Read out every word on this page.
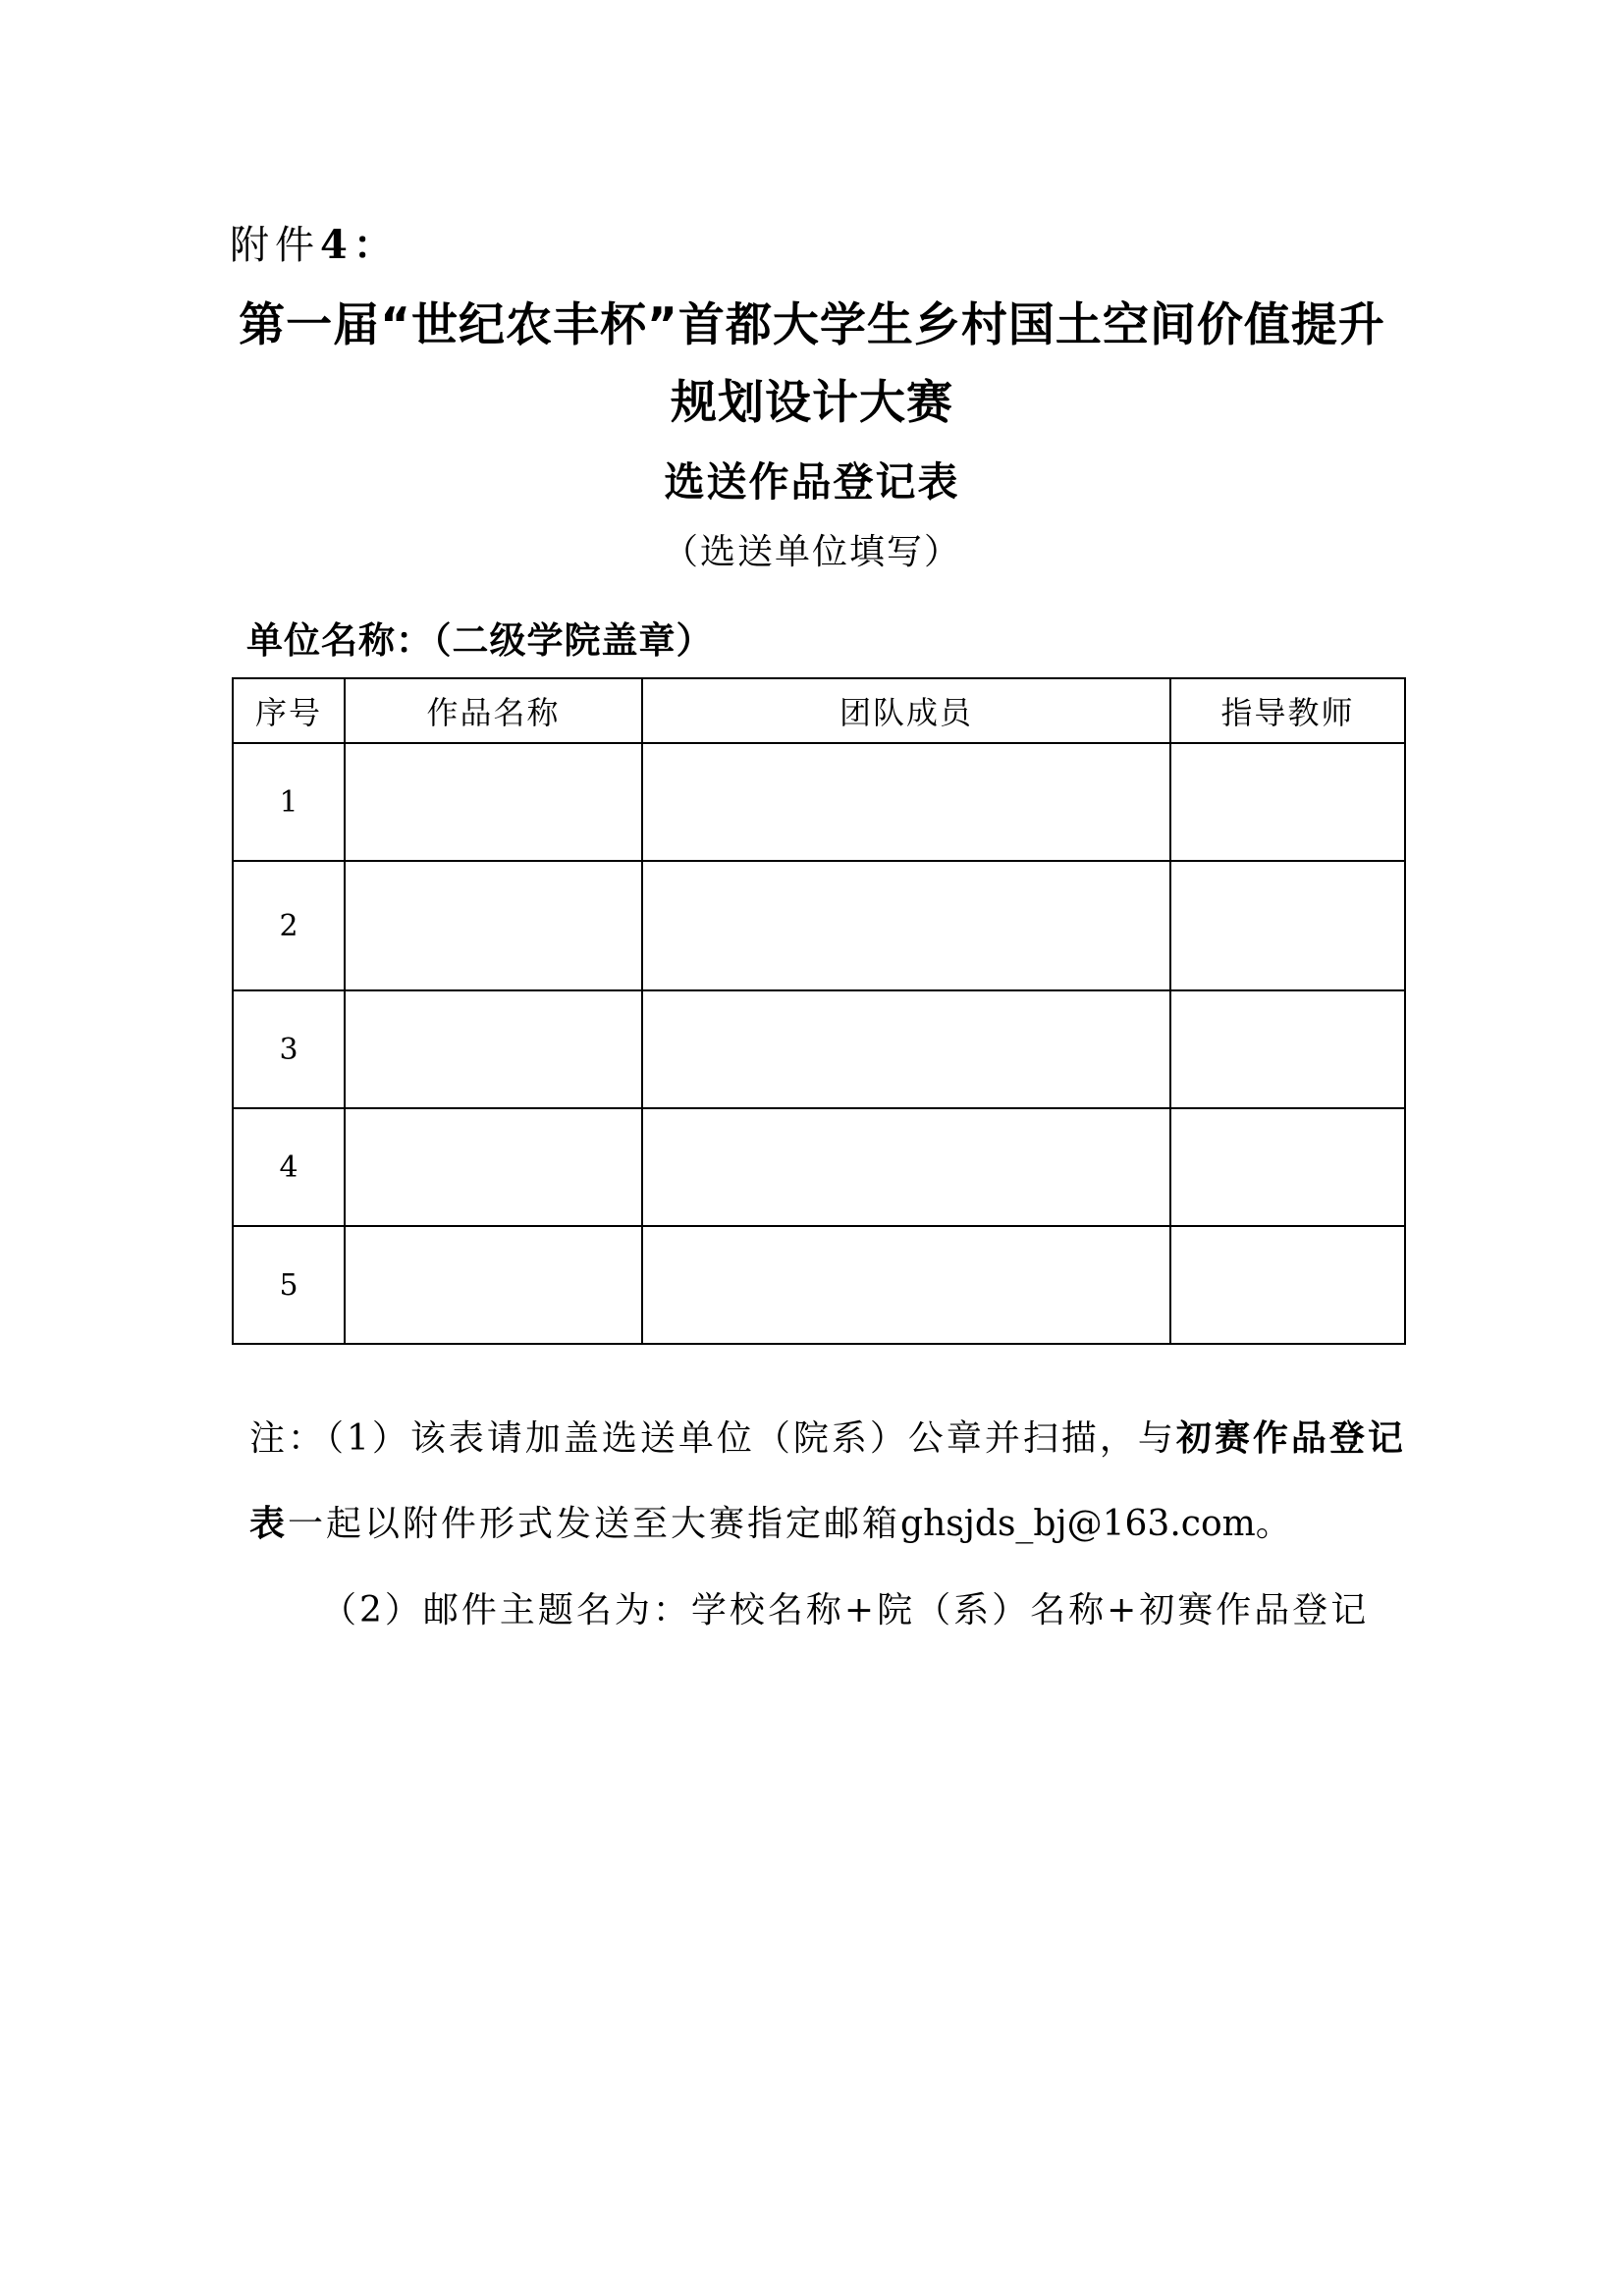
附件4：
第一届“世纪农丰杯”首都大学生乡村国土空间价值提升
规划设计大赛
选送作品登记表
（选送单位填写）
单位名称：（二级学院盖章）
序号	作品名称	团队成员	指导教师
1			
2			
3			
4			
5			
注：（1）该表请加盖选送单位（院系）公章并扫描，与初赛作品登记
表一起以附件形式发送至大赛指定邮箱ghsjds_bj@163.com。
（2）邮件主题名为：学校名称+院（系）名称+初赛作品登记
